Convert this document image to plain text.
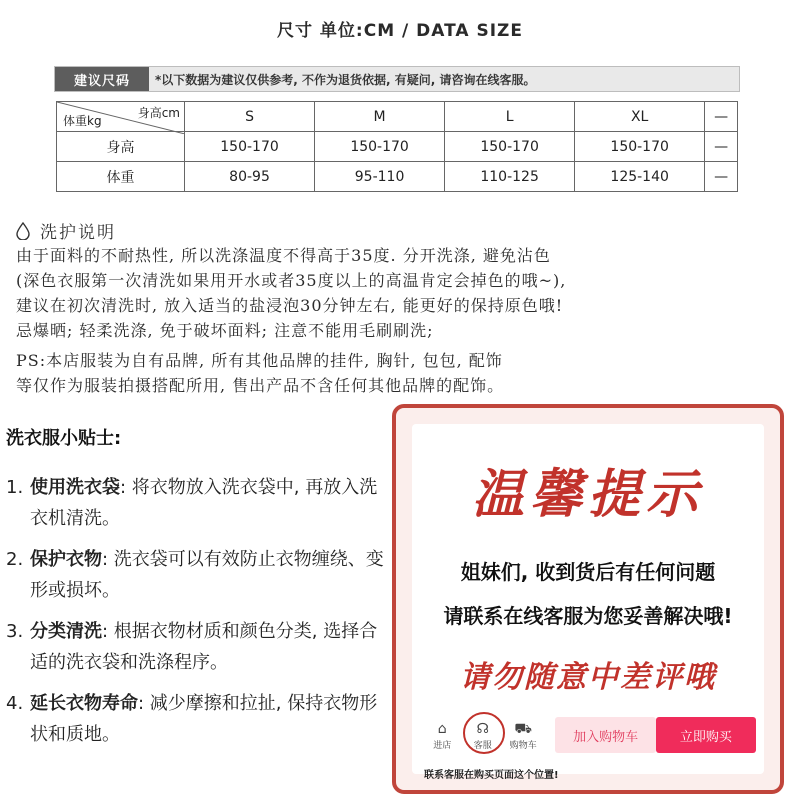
尺寸 单位:CM / DATA SIZE
建议尺码	*以下数据为建议仅供参考, 不作为退货依据, 有疑问, 请咨询在线客服。
身高cm
体重kg	S	M	L	XL	—
身高	150-170	150-170	150-170	150-170	—
体重	80-95	95-110	110-125	125-140	—
洗护说明
由于面料的不耐热性, 所以洗涤温度不得高于35度. 分开洗涤, 避免沾色
(深色衣服第一次清洗如果用开水或者35度以上的高温肯定会掉色的哦~),
建议在初次清洗时, 放入适当的盐浸泡30分钟左右, 能更好的保持原色哦!
忌爆晒; 轻柔洗涤, 免于破坏面料; 注意不能用毛刷刷洗;
PS:本店服装为自有品牌, 所有其他品牌的挂件, 胸针, 包包, 配饰
等仅作为服装拍摄搭配所用, 售出产品不含任何其他品牌的配饰。
洗衣服小贴士:
1. 使用洗衣袋: 将衣物放入洗衣袋中, 再放入洗衣机清洗。
2. 保护衣物: 洗衣袋可以有效防止衣物缠绕、变形或损坏。
3. 分类清洗: 根据衣物材质和颜色分类, 选择合适的洗衣袋和洗涤程序。
4. 延长衣物寿命: 减少摩擦和拉扯, 保持衣物形状和质地。
温馨提示
姐妹们, 收到货后有任何问题
请联系在线客服为您妥善解决哦!
请勿随意中差评哦
⌂
进店
☊
客服
⛟
购物车
加入购物车	立即购买
联系客服在购买页面这个位置!
